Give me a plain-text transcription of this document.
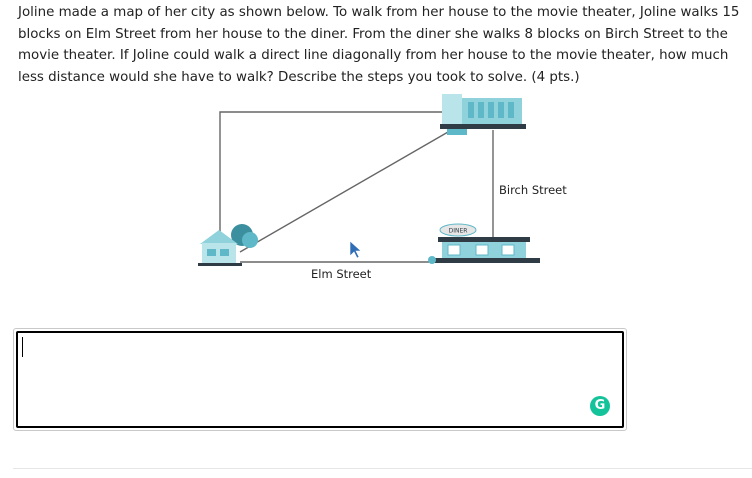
Joline made a map of her city as shown below. To walk from her house to the movie theater, Joline walks 15 blocks on Elm Street from her house to the diner. From the diner she walks 8 blocks on Birch Street to the movie theater. If Joline could walk a direct line diagonally from her house to the movie theater, how much less distance would she have to walk? Describe the steps you took to solve. (4 pts.)
DINER
Birch Street
Elm Street
G
